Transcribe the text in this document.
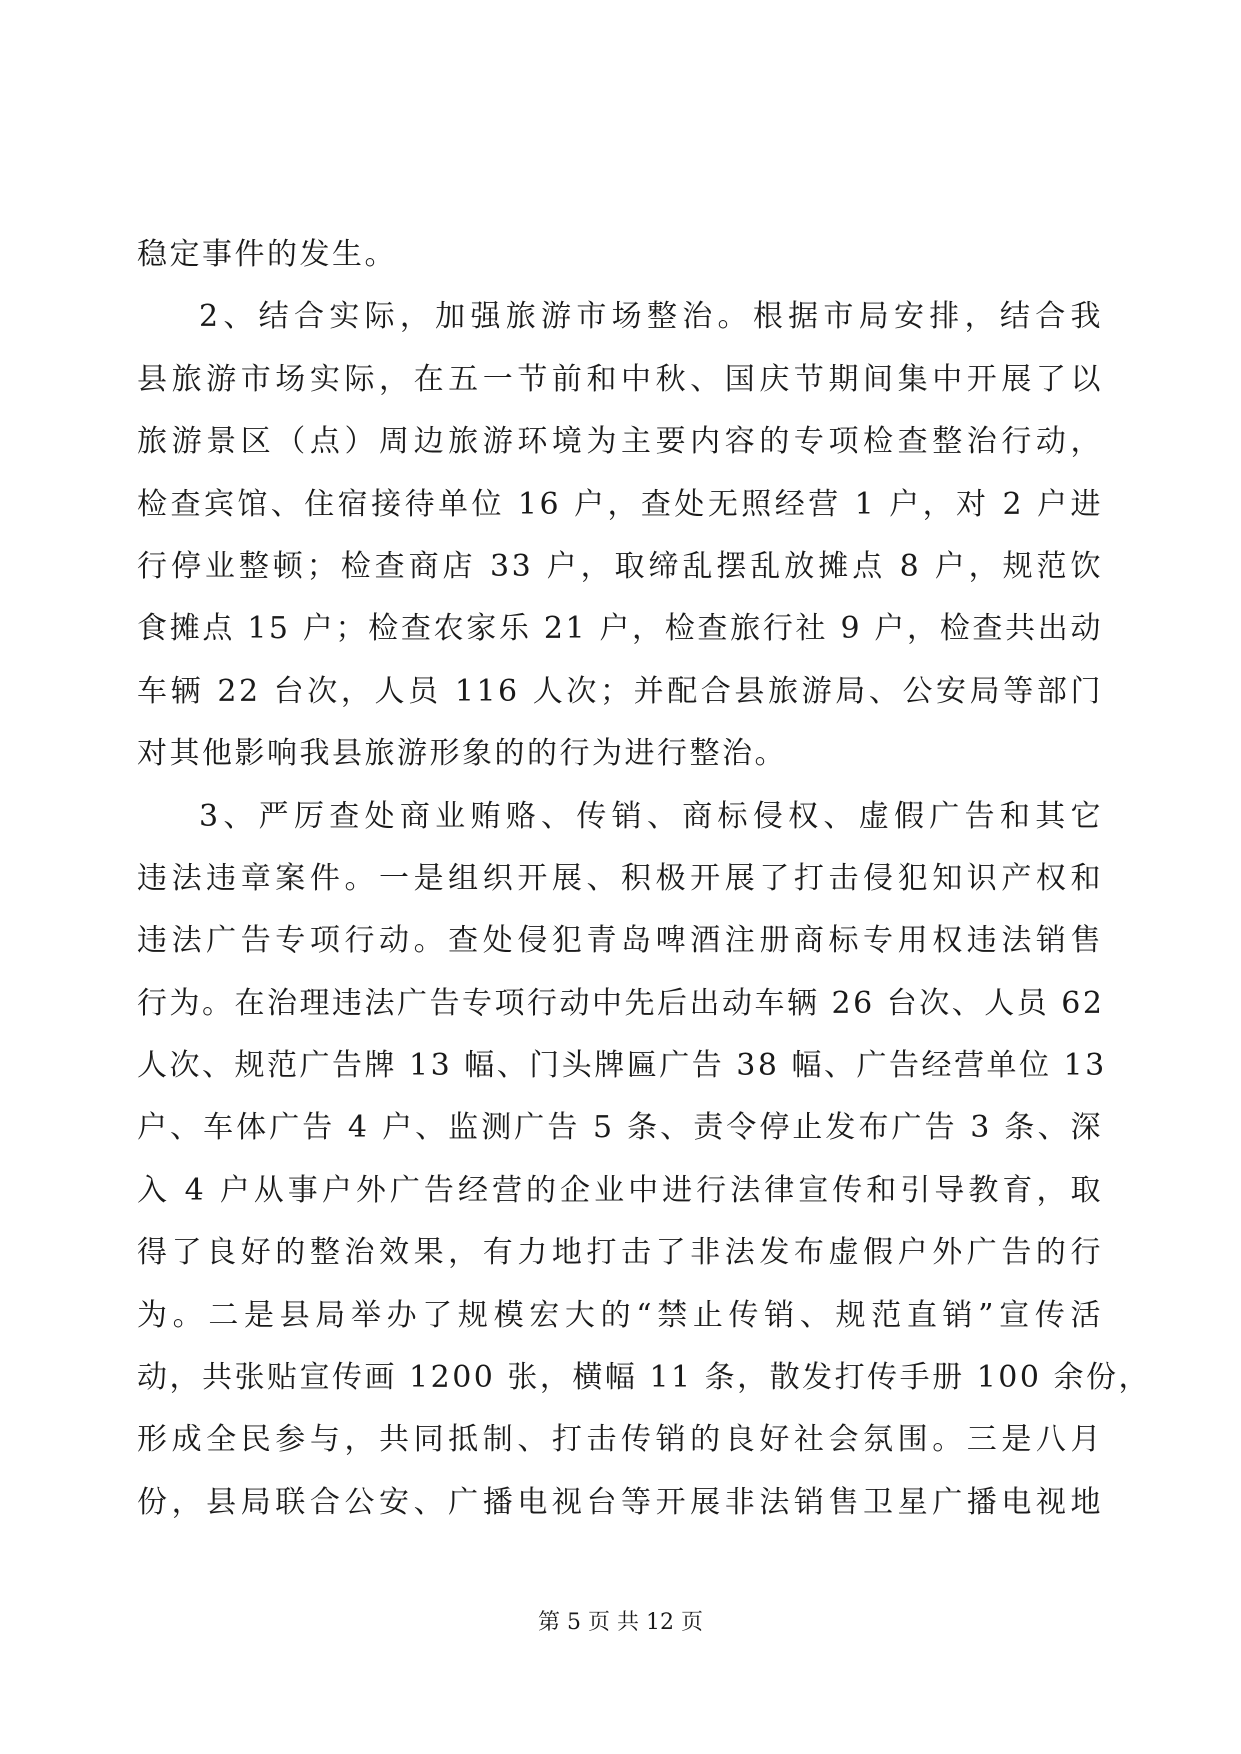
稳定事件的发生。
2、结合实际，加强旅游市场整治。根据市局安排，结合我
县旅游市场实际，在五一节前和中秋、国庆节期间集中开展了以
旅游景区（点）周边旅游环境为主要内容的专项检查整治行动，
检查宾馆、住宿接待单位 16 户，查处无照经营 1 户，对 2 户进
行停业整顿；检查商店 33 户，取缔乱摆乱放摊点 8 户，规范饮
食摊点 15 户；检查农家乐 21 户，检查旅行社 9 户，检查共出动
车辆 22 台次，人员 116 人次；并配合县旅游局、公安局等部门
对其他影响我县旅游形象的的行为进行整治。
3、严厉查处商业贿赂、传销、商标侵权、虚假广告和其它
违法违章案件。一是组织开展、积极开展了打击侵犯知识产权和
违法广告专项行动。查处侵犯青岛啤酒注册商标专用权违法销售
行为。在治理违法广告专项行动中先后出动车辆 26 台次、人员 62
人次、规范广告牌 13 幅、门头牌匾广告 38 幅、广告经营单位 13
户、车体广告 4 户、监测广告 5 条、责令停止发布广告 3 条、深
入 4 户从事户外广告经营的企业中进行法律宣传和引导教育，取
得了良好的整治效果，有力地打击了非法发布虚假户外广告的行
为。二是县局举办了规模宏大的“禁止传销、规范直销”宣传活
动，共张贴宣传画 1200 张，横幅 11 条，散发打传手册 100 余份，
形成全民参与，共同抵制、打击传销的良好社会氛围。三是八月
份，县局联合公安、广播电视台等开展非法销售卫星广播电视地
第 5 页 共 12 页
